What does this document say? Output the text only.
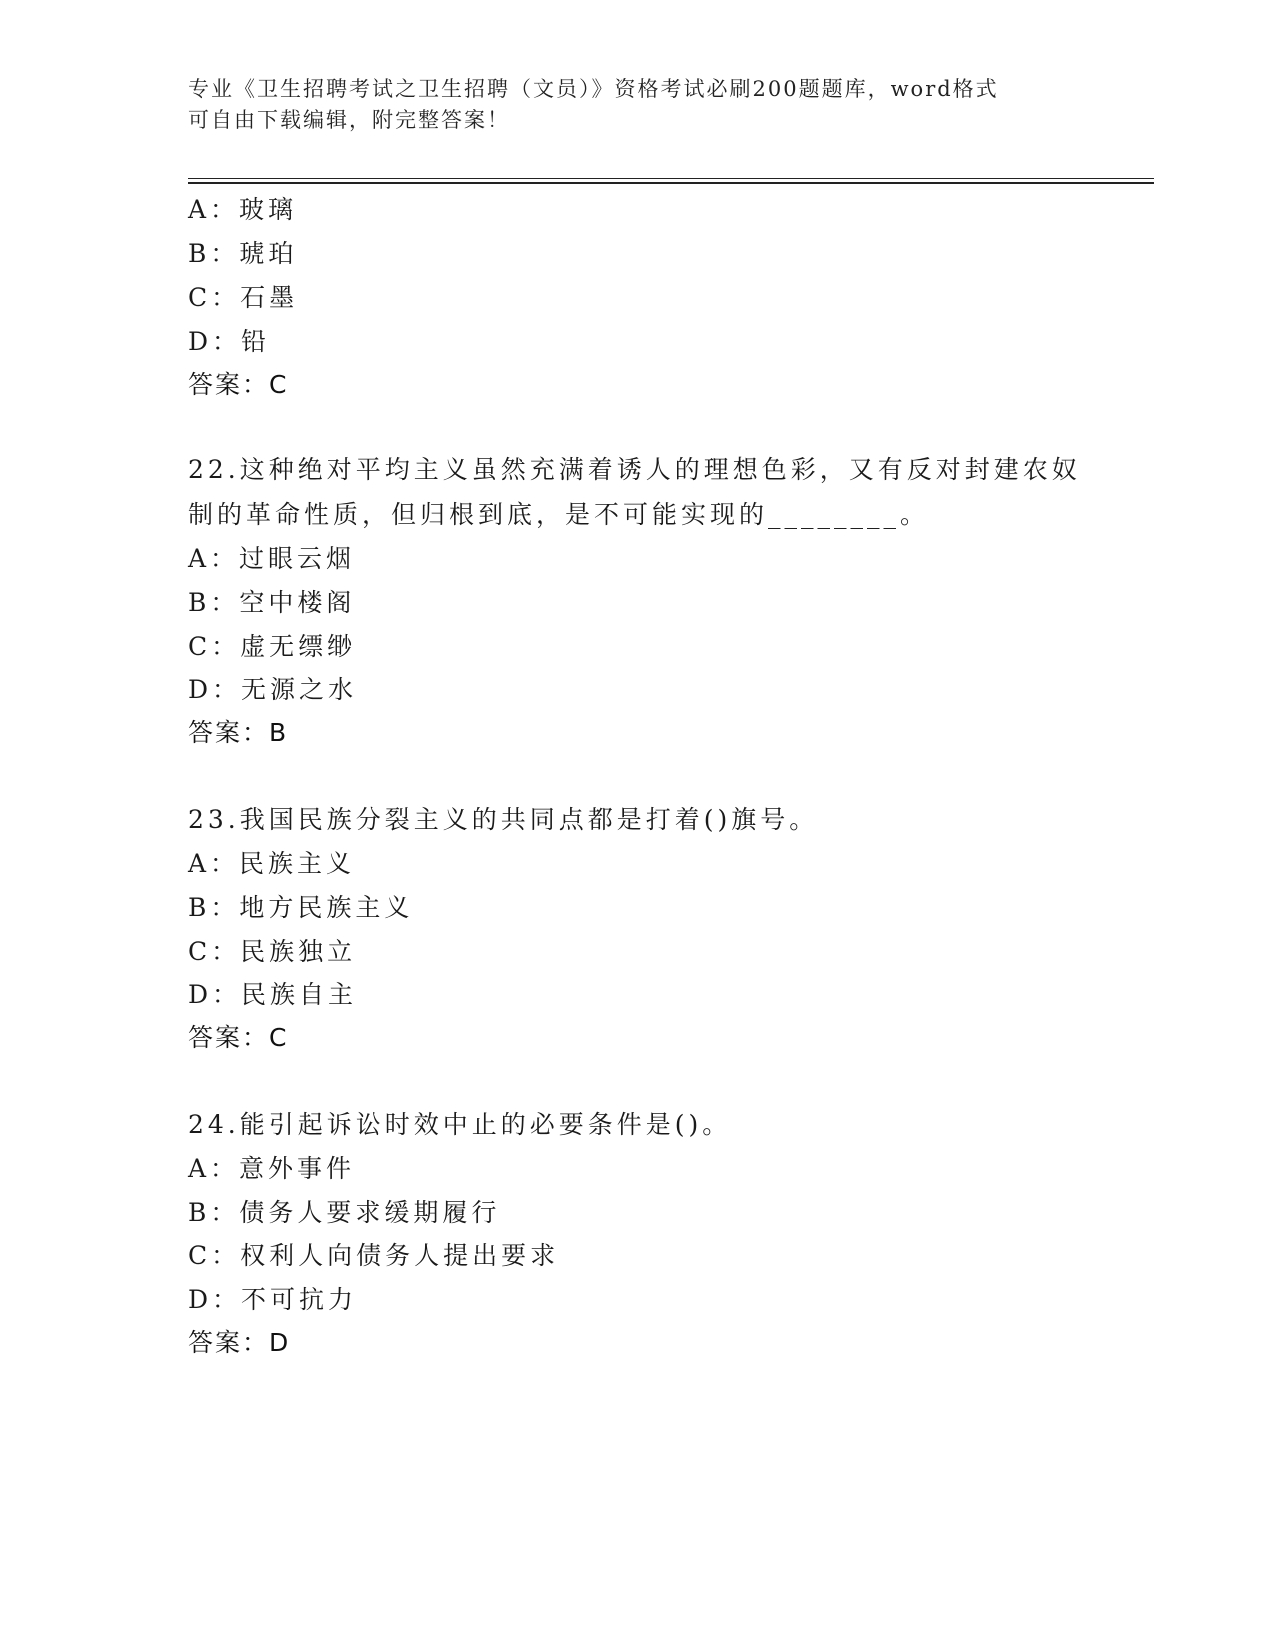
专业《卫生招聘考试之卫生招聘（文员）》资格考试必刷200题题库，word格式
可自由下载编辑，附完整答案！
A：玻璃
B：琥珀
C：石墨
D：铅
答案：C
22.这种绝对平均主义虽然充满着诱人的理想色彩，又有反对封建农奴
制的革命性质，但归根到底，是不可能实现的________。
A：过眼云烟
B：空中楼阁
C：虚无缥缈
D：无源之水
答案：B
23.我国民族分裂主义的共同点都是打着()旗号。
A：民族主义
B：地方民族主义
C：民族独立
D：民族自主
答案：C
24.能引起诉讼时效中止的必要条件是()。
A：意外事件
B：债务人要求缓期履行
C：权利人向债务人提出要求
D：不可抗力
答案：D
